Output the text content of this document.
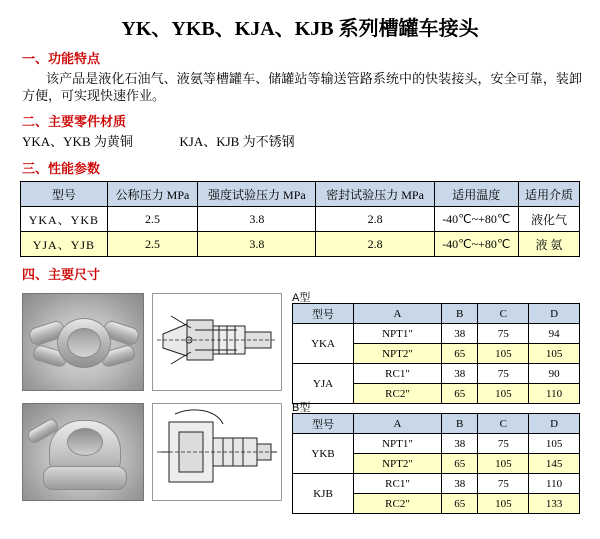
YK、YKB、KJA、KJB 系列槽罐车接头
一、功能特点
该产品是液化石油气、液氨等槽罐车、储罐站等输送管路系统中的快装接头，安全可靠，装卸方便，可实现快速作业。
二、主要零件材质
YKA、YKB 为黄铜	KJA、KJB 为不锈钢
三、性能参数
型号	公称压力 MPa	强度试验压力 MPa	密封试验压力 MPa	适用温度	适用介质
YKA、YKB	2.5	3.8	2.8	-40℃~+80℃	液化气
YJA、YJB	2.5	3.8	2.8	-40℃~+80℃	液 氨
四、主要尺寸
A型
型号	A	B	C	D
YKA	NPT1"	38	75	94
	NPT2"	65	105	105
YJA	RC1"	38	75	90
	RC2"	65	105	110
B型
型号	A	B	C	D
YKB	NPT1"	38	75	105
	NPT2"	65	105	145
KJB	RC1"	38	75	110
	RC2"	65	105	133
